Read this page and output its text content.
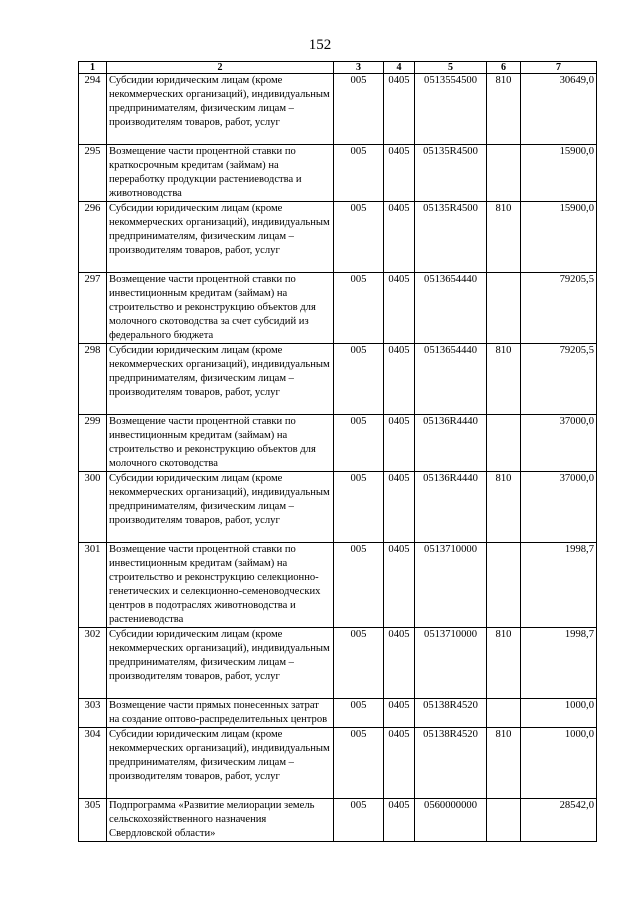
152
1	2	3	4	5	6	7
294	Субсидии юридическим лицам (кроме некоммерческих организаций), индивидуальным предпринимателям, физическим лицам – производителям товаров, работ, услуг	005	0405	0513554500	810	30649,0
295	Возмещение части процентной ставки по краткосрочным кредитам (займам) на переработку продукции растениеводства и животноводства	005	0405	05135R4500		15900,0
296	Субсидии юридическим лицам (кроме некоммерческих организаций), индивидуальным предпринимателям, физическим лицам – производителям товаров, работ, услуг	005	0405	05135R4500	810	15900,0
297	Возмещение части процентной ставки по инвестиционным кредитам (займам) на строительство и реконструкцию объектов для молочного скотоводства за счет субсидий из федерального бюджета	005	0405	0513654440		79205,5
298	Субсидии юридическим лицам (кроме некоммерческих организаций), индивидуальным предпринимателям, физическим лицам – производителям товаров, работ, услуг	005	0405	0513654440	810	79205,5
299	Возмещение части процентной ставки по инвестиционным кредитам (займам) на строительство и реконструкцию объектов для молочного скотоводства	005	0405	05136R4440		37000,0
300	Субсидии юридическим лицам (кроме некоммерческих организаций), индивидуальным предпринимателям, физическим лицам – производителям товаров, работ, услуг	005	0405	05136R4440	810	37000,0
301	Возмещение части процентной ставки по инвестиционным кредитам (займам) на строительство и реконструкцию селекционно-генетических и селекционно-семеноводческих центров в подотраслях животноводства и растениеводства	005	0405	0513710000		1998,7
302	Субсидии юридическим лицам (кроме некоммерческих организаций), индивидуальным предпринимателям, физическим лицам – производителям товаров, работ, услуг	005	0405	0513710000	810	1998,7
303	Возмещение части прямых понесенных затрат на создание оптово-распределительных центров	005	0405	05138R4520		1000,0
304	Субсидии юридическим лицам (кроме некоммерческих организаций), индивидуальным предпринимателям, физическим лицам – производителям товаров, работ, услуг	005	0405	05138R4520	810	1000,0
305	Подпрограмма «Развитие мелиорации земель сельскохозяйственного назначения Свердловской области»	005	0405	0560000000		28542,0
